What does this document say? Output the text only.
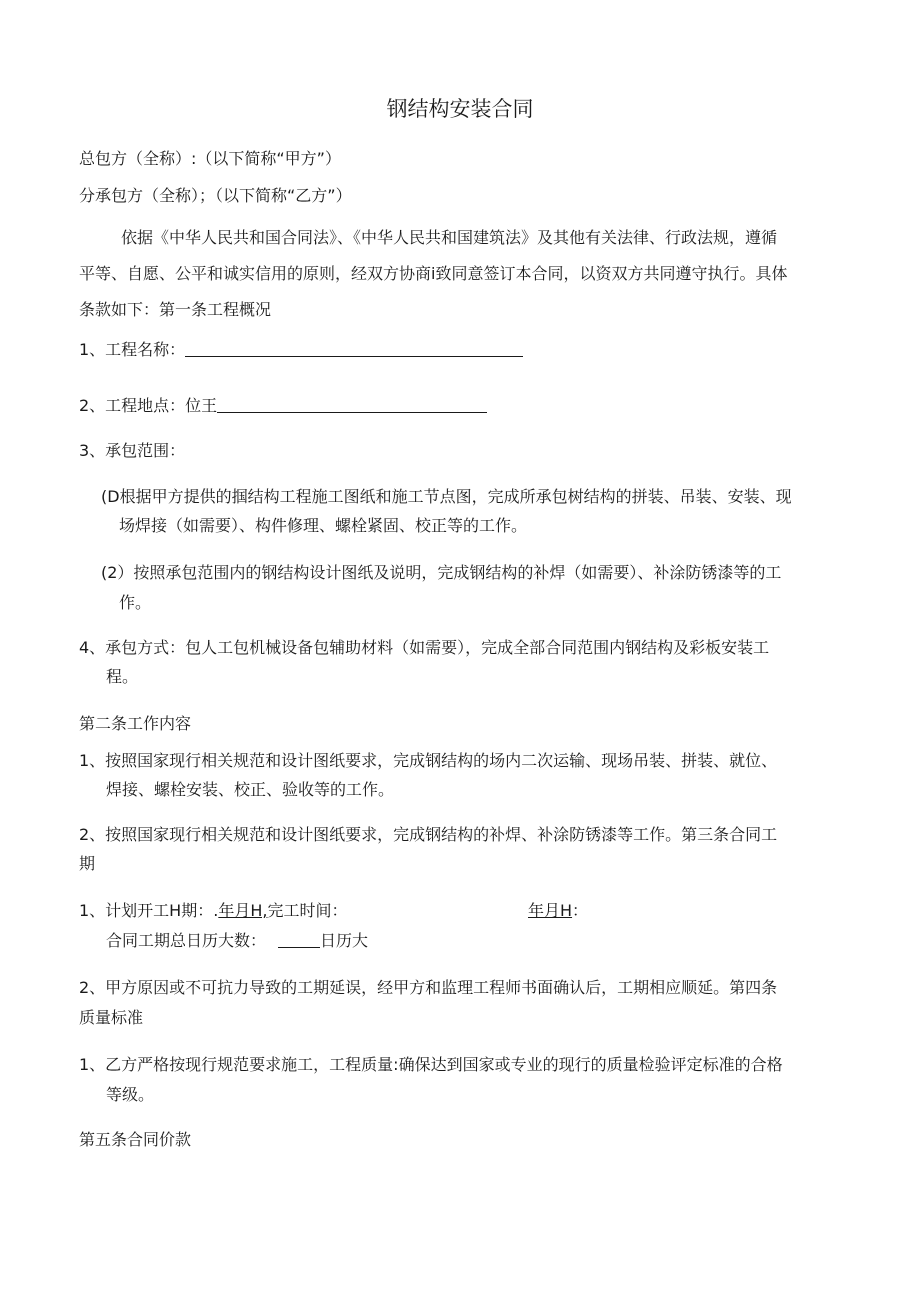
钢结构安装合同
总包方（全称）:（以下简称“甲方”）
分承包方（全称）；（以下简称“乙方”）
依据《中华人民共和国合同法》、《中华人民共和国建筑法》及其他有关法律、行政法规，遵循
平等、自愿、公平和诚实信用的原则，经双方协商i致同意签订本合同，以资双方共同遵守执行。具体
条款如下：第一条工程概况
1、工程名称：
2、工程地点：位王
3、承包范围：
(D根据甲方提供的掴结构工程施工图纸和施工节点图，完成所承包树结构的拼装、吊装、安装、现
场焊接（如需要）、构件修理、螺栓紧固、校正等的工作。
(2）按照承包范围内的钢结构设计图纸及说明，完成钢结构的补焊（如需要）、补涂防锈漆等的工
作。
4、承包方式：包人工包机械设备包辅助材料（如需要），完成全部合同范围内钢结构及彩板安装工
程。
第二条工作内容
1、按照国家现行相关规范和设计图纸要求，完成钢结构的场内二次运输、现场吊装、拼装、就位、
焊接、螺栓安装、校正、验收等的工作。
2、按照国家现行相关规范和设计图纸要求，完成钢结构的补焊、补涂防锈漆等工作。第三条合同工
期
1、计划开工H期：.年月H,完工时间：	年月H：
合同工期总日历大数：	日历大
2、甲方原因或不可抗力导致的工期延误，经甲方和监理工程师书面确认后，工期相应顺延。第四条
质量标准
1、乙方严格按现行规范要求施工，工程质量:确保达到国家或专业的现行的质量检验评定标准的合格
等级。
第五条合同价款
